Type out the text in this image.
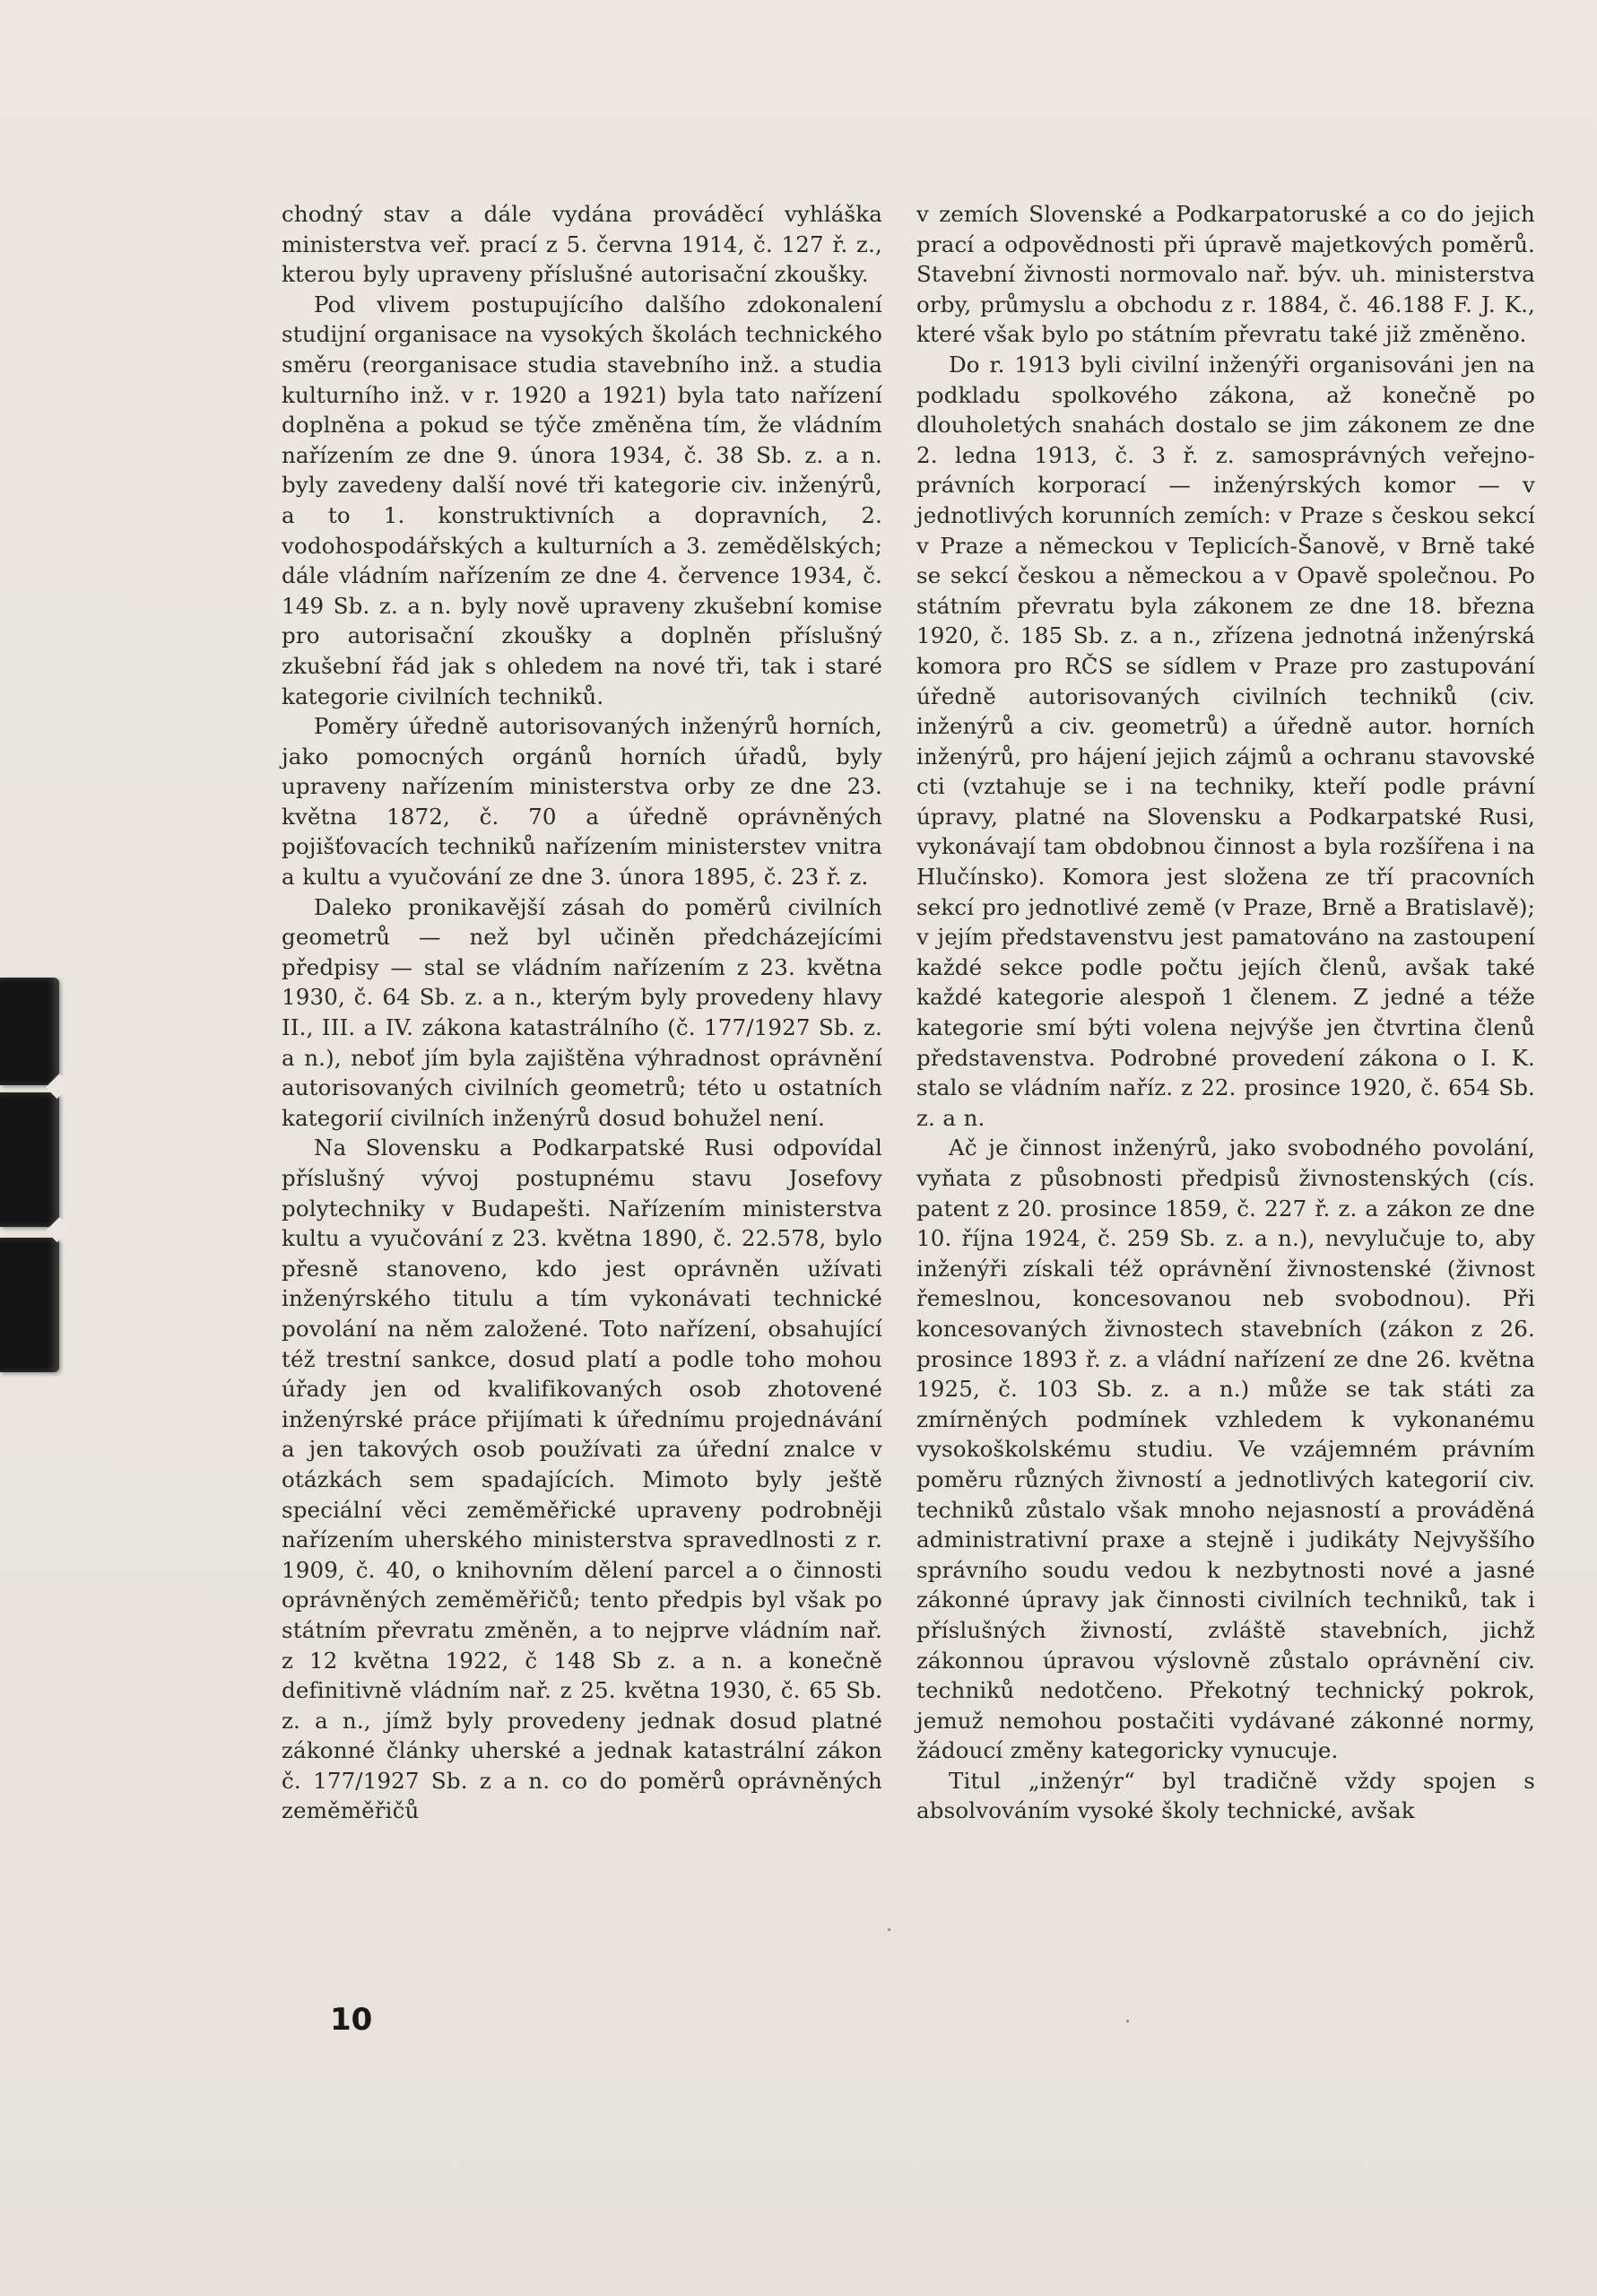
chodný stav a dále vydána prováděcí vyhláška ministerstva veř. prací z 5. června 1914, č. 127 ř. z., kterou byly upraveny příslušné autorisační zkoušky.

Pod vlivem postupujícího dalšího zdokonalení studijní organisace na vysokých školách technického směru (reorganisace studia stavebního inž. a studia kulturního inž. v r. 1920 a 1921) byla tato nařízení doplněna a pokud se týče změněna tím, že vládním nařízením ze dne 9. února 1934, č. 38 Sb. z. a n. byly zavedeny další nové tři kategorie civ. inženýrů, a to 1. konstruktivních a dopravních, 2. vodohospodářských a kulturních a 3. zemědělských; dále vládním nařízením ze dne 4. července 1934, č. 149 Sb. z. a n. byly nově upraveny zkušební komise pro autorisační zkoušky a doplněn příslušný zkušební řád jak s ohledem na nové tři, tak i staré kategorie civilních techniků.

Poměry úředně autorisovaných inženýrů horních, jako pomocných orgánů horních úřadů, byly upraveny nařízením ministerstva orby ze dne 23. května 1872, č. 70 a úředně oprávněných pojišťovacích techniků nařízením ministerstev vnitra a kultu a vyučování ze dne 3. února 1895, č. 23 ř. z.

Daleko pronikavější zásah do poměrů civilních geometrů — než byl učiněn předcházejícími předpisy — stal se vládním nařízením z 23. května 1930, č. 64 Sb. z. a n., kterým byly provedeny hlavy II., III. a IV. zákona katastrálního (č. 177/1927 Sb. z. a n.), neboť jím byla zajištěna výhradnost oprávnění autorisovaných civilních geometrů; této u ostatních kategorií civilních inženýrů dosud bohužel není.

Na Slovensku a Podkarpatské Rusi odpovídal příslušný vývoj postupnému stavu Josefovy polytechniky v Budapešti. Nařízením ministerstva kultu a vyučování z 23. května 1890, č. 22.578, bylo přesně stanoveno, kdo jest oprávněn užívati inženýrského titulu a tím vykonávati technické povolání na něm založené. Toto nařízení, obsahující též trestní sankce, dosud platí a podle toho mohou úřady jen od kvalifikovaných osob zhotovené inženýrské práce přijímati k úřednímu projednávání a jen takových osob používati za úřední znalce v otázkách sem spadajících. Mimoto byly ještě speciální věci zeměměřické upraveny podrobněji nařízením uherského ministerstva spravedlnosti z r. 1909, č. 40, o knihovním dělení parcel a o činnosti oprávněných zeměměřičů; tento předpis byl však po státním převratu změněn, a to nejprve vládním nař. z 12 května 1922, č 148 Sb z. a n. a konečně definitivně vládním nař. z 25. května 1930, č. 65 Sb. z. a n., jímž byly provedeny jednak dosud platné zákonné články uherské a jednak katastrální zákon č. 177/1927 Sb. z a n. co do poměrů oprávněných zeměměřičů

v zemích Slovenské a Podkarpatoruské a co do jejich prací a odpovědnosti při úpravě majetkových poměrů. Stavební živnosti normovalo nař. býv. uh. ministerstva orby, průmyslu a obchodu z r. 1884, č. 46.188 F. J. K., které však bylo po státním převratu také již změněno.

Do r. 1913 byli civilní inženýři organisováni jen na podkladu spolkového zákona, až konečně po dlouholetých snahách dostalo se jim zákonem ze dne 2. ledna 1913, č. 3 ř. z. samosprávných veřejno-právních korporací — inženýrských komor — v jednotlivých korunních zemích: v Praze s českou sekcí v Praze a německou v Teplicích-Šanově, v Brně také se sekcí českou a německou a v Opavě společnou. Po státním převratu byla zákonem ze dne 18. března 1920, č. 185 Sb. z. a n., zřízena jednotná inženýrská komora pro RČS se sídlem v Praze pro zastupování úředně autorisovaných civilních techniků (civ. inženýrů a civ. geometrů) a úředně autor. horních inženýrů, pro hájení jejich zájmů a ochranu stavovské cti (vztahuje se i na techniky, kteří podle právní úpravy, platné na Slovensku a Podkarpatské Rusi, vykonávají tam obdobnou činnost a byla rozšířena i na Hlučínsko). Komora jest složena ze tří pracovních sekcí pro jednotlivé země (v Praze, Brně a Bratislavě); v jejím představenstvu jest pamatováno na zastoupení každé sekce podle počtu jejích členů, avšak také každé kategorie alespoň 1 členem. Z jedné a téže kategorie smí býti volena nejvýše jen čtvrtina členů představenstva. Podrobné provedení zákona o I. K. stalo se vládním naříz. z 22. prosince 1920, č. 654 Sb. z. a n.

Ač je činnost inženýrů, jako svobodného povolání, vyňata z působnosti předpisů živnostenských (cís. patent z 20. prosince 1859, č. 227 ř. z. a zákon ze dne 10. října 1924, č. 259 Sb. z. a n.), nevylučuje to, aby inženýři získali též oprávnění živnostenské (živnost řemeslnou, koncesovanou neb svobodnou). Při koncesovaných živnostech stavebních (zákon z 26. prosince 1893 ř. z. a vládní nařízení ze dne 26. května 1925, č. 103 Sb. z. a n.) může se tak státi za zmírněných podmínek vzhledem k vykonanému vysokoškolskému studiu. Ve vzájemném právním poměru různých živností a jednotlivých kategorií civ. techniků zůstalo však mnoho nejasností a prováděná administrativní praxe a stejně i judikáty Nejvyššího správního soudu vedou k nezbytnosti nové a jasné zákonné úpravy jak činnosti civilních techniků, tak i příslušných živností, zvláště stavebních, jichž zákonnou úpravou výslovně zůstalo oprávnění civ. techniků nedotčeno. Překotný technický pokrok, jemuž nemohou postačiti vydávané zákonné normy, žádoucí změny kategoricky vynucuje.

Titul „inženýr“ byl tradičně vždy spojen s absolvováním vysoké školy technické, avšak

10
